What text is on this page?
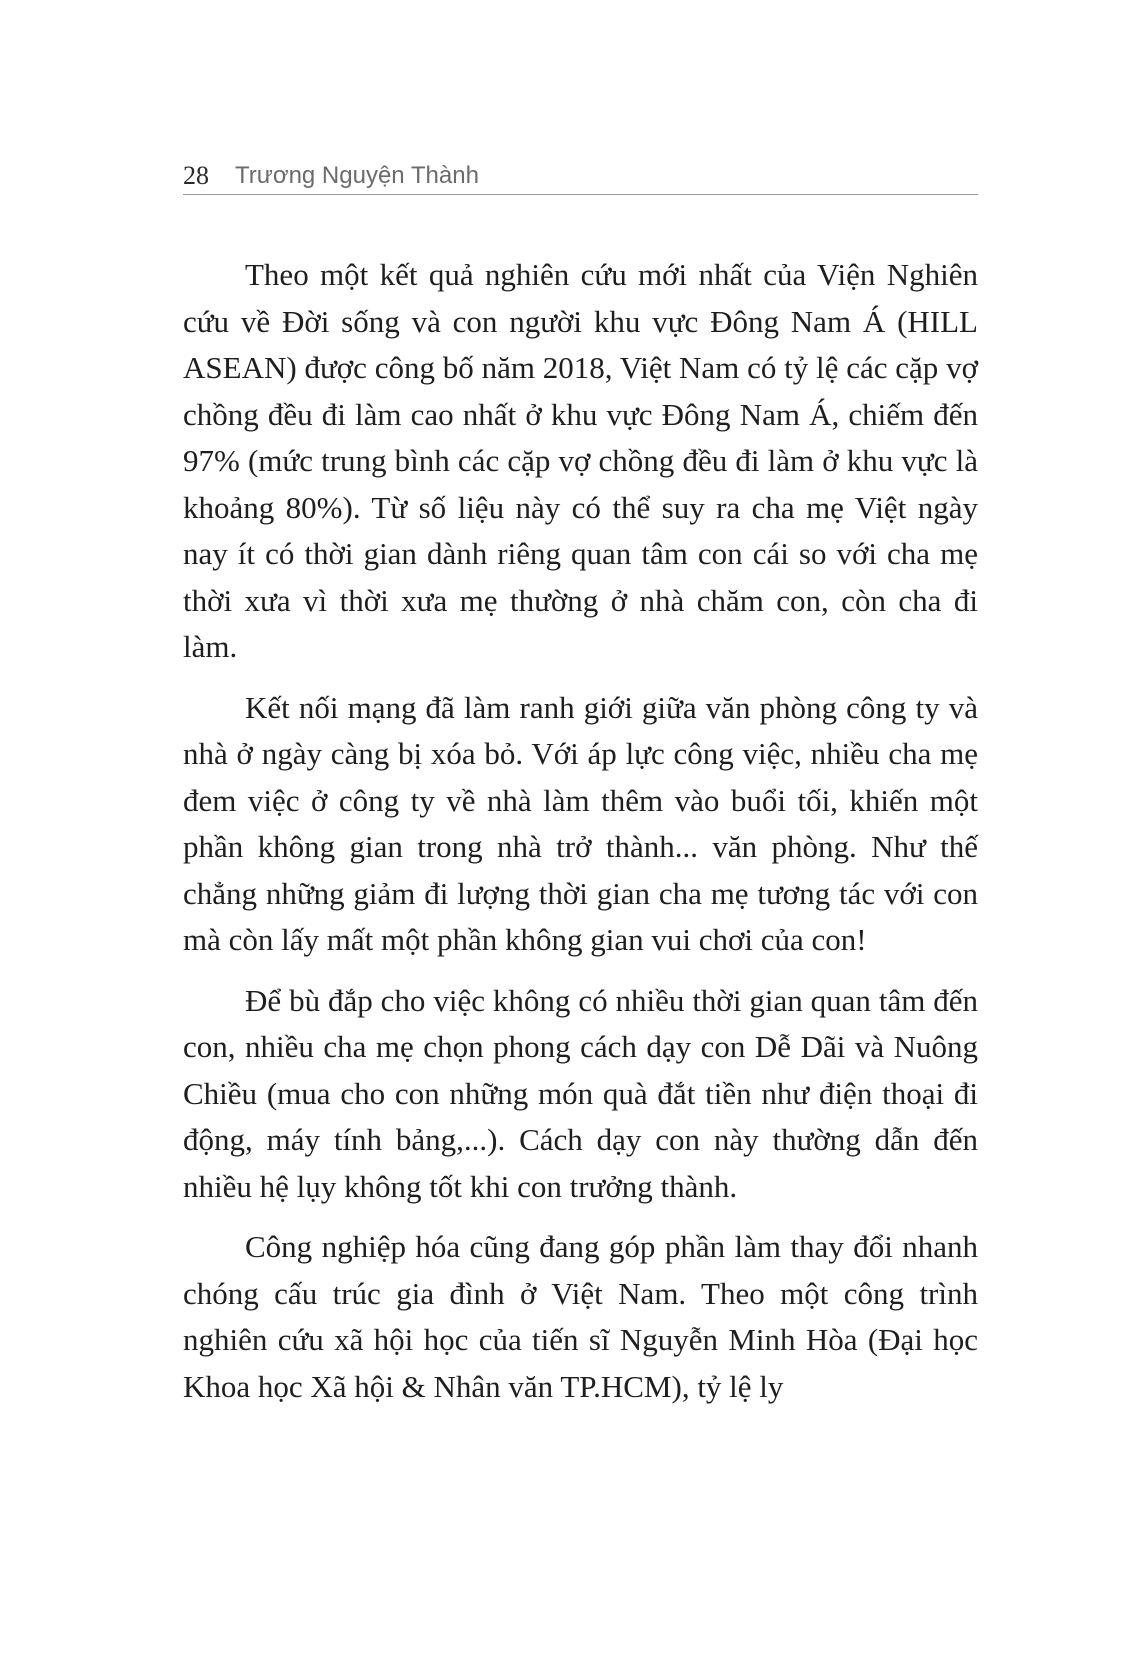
28 Trương Nguyện Thành

Theo một kết quả nghiên cứu mới nhất của Viện Nghiên cứu về Đời sống và con người khu vực Đông Nam Á (HILL ASEAN) được công bố năm 2018, Việt Nam có tỷ lệ các cặp vợ chồng đều đi làm cao nhất ở khu vực Đông Nam Á, chiếm đến 97% (mức trung bình các cặp vợ chồng đều đi làm ở khu vực là khoảng 80%). Từ số liệu này có thể suy ra cha mẹ Việt ngày nay ít có thời gian dành riêng quan tâm con cái so với cha mẹ thời xưa vì thời xưa mẹ thường ở nhà chăm con, còn cha đi làm.

Kết nối mạng đã làm ranh giới giữa văn phòng công ty và nhà ở ngày càng bị xóa bỏ. Với áp lực công việc, nhiều cha mẹ đem việc ở công ty về nhà làm thêm vào buổi tối, khiến một phần không gian trong nhà trở thành... văn phòng. Như thế chẳng những giảm đi lượng thời gian cha mẹ tương tác với con mà còn lấy mất một phần không gian vui chơi của con!

Để bù đắp cho việc không có nhiều thời gian quan tâm đến con, nhiều cha mẹ chọn phong cách dạy con Dễ Dãi và Nuông Chiều (mua cho con những món quà đắt tiền như điện thoại đi động, máy tính bảng,...). Cách dạy con này thường dẫn đến nhiều hệ lụy không tốt khi con trưởng thành.

Công nghiệp hóa cũng đang góp phần làm thay đổi nhanh chóng cấu trúc gia đình ở Việt Nam. Theo một công trình nghiên cứu xã hội học của tiến sĩ Nguyễn Minh Hòa (Đại học Khoa học Xã hội & Nhân văn TP.HCM), tỷ lệ ly
